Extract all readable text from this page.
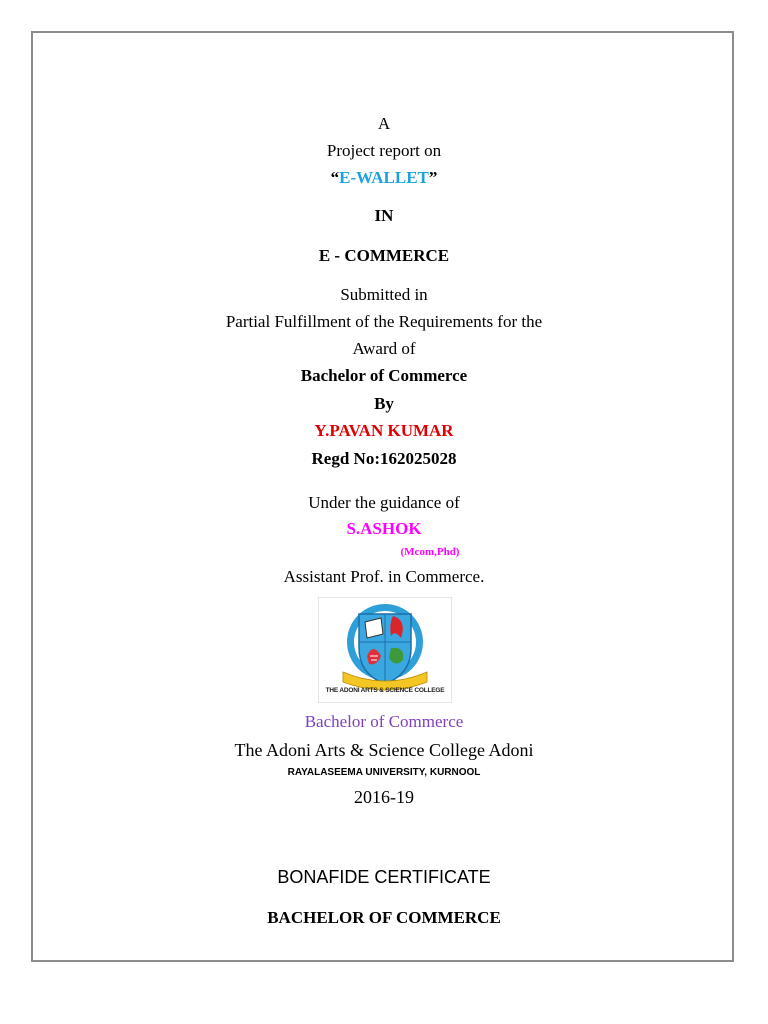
A
Project report on
“E-WALLET”
IN
E - COMMERCE
Submitted in
Partial Fulfillment of the Requirements for the
Award of
Bachelor of Commerce
By
Y.PAVAN KUMAR
Regd No:162025028
Under the guidance of
S.ASHOK
(Mcom,Phd)
Assistant Prof. in Commerce.
THE ADONI ARTS & SCIENCE COLLEGE
Bachelor of Commerce
The Adoni Arts & Science College Adoni
RAYALASEEMA UNIVERSITY, KURNOOL
2016-19
BONAFIDE CERTIFICATE
BACHELOR OF COMMERCE
